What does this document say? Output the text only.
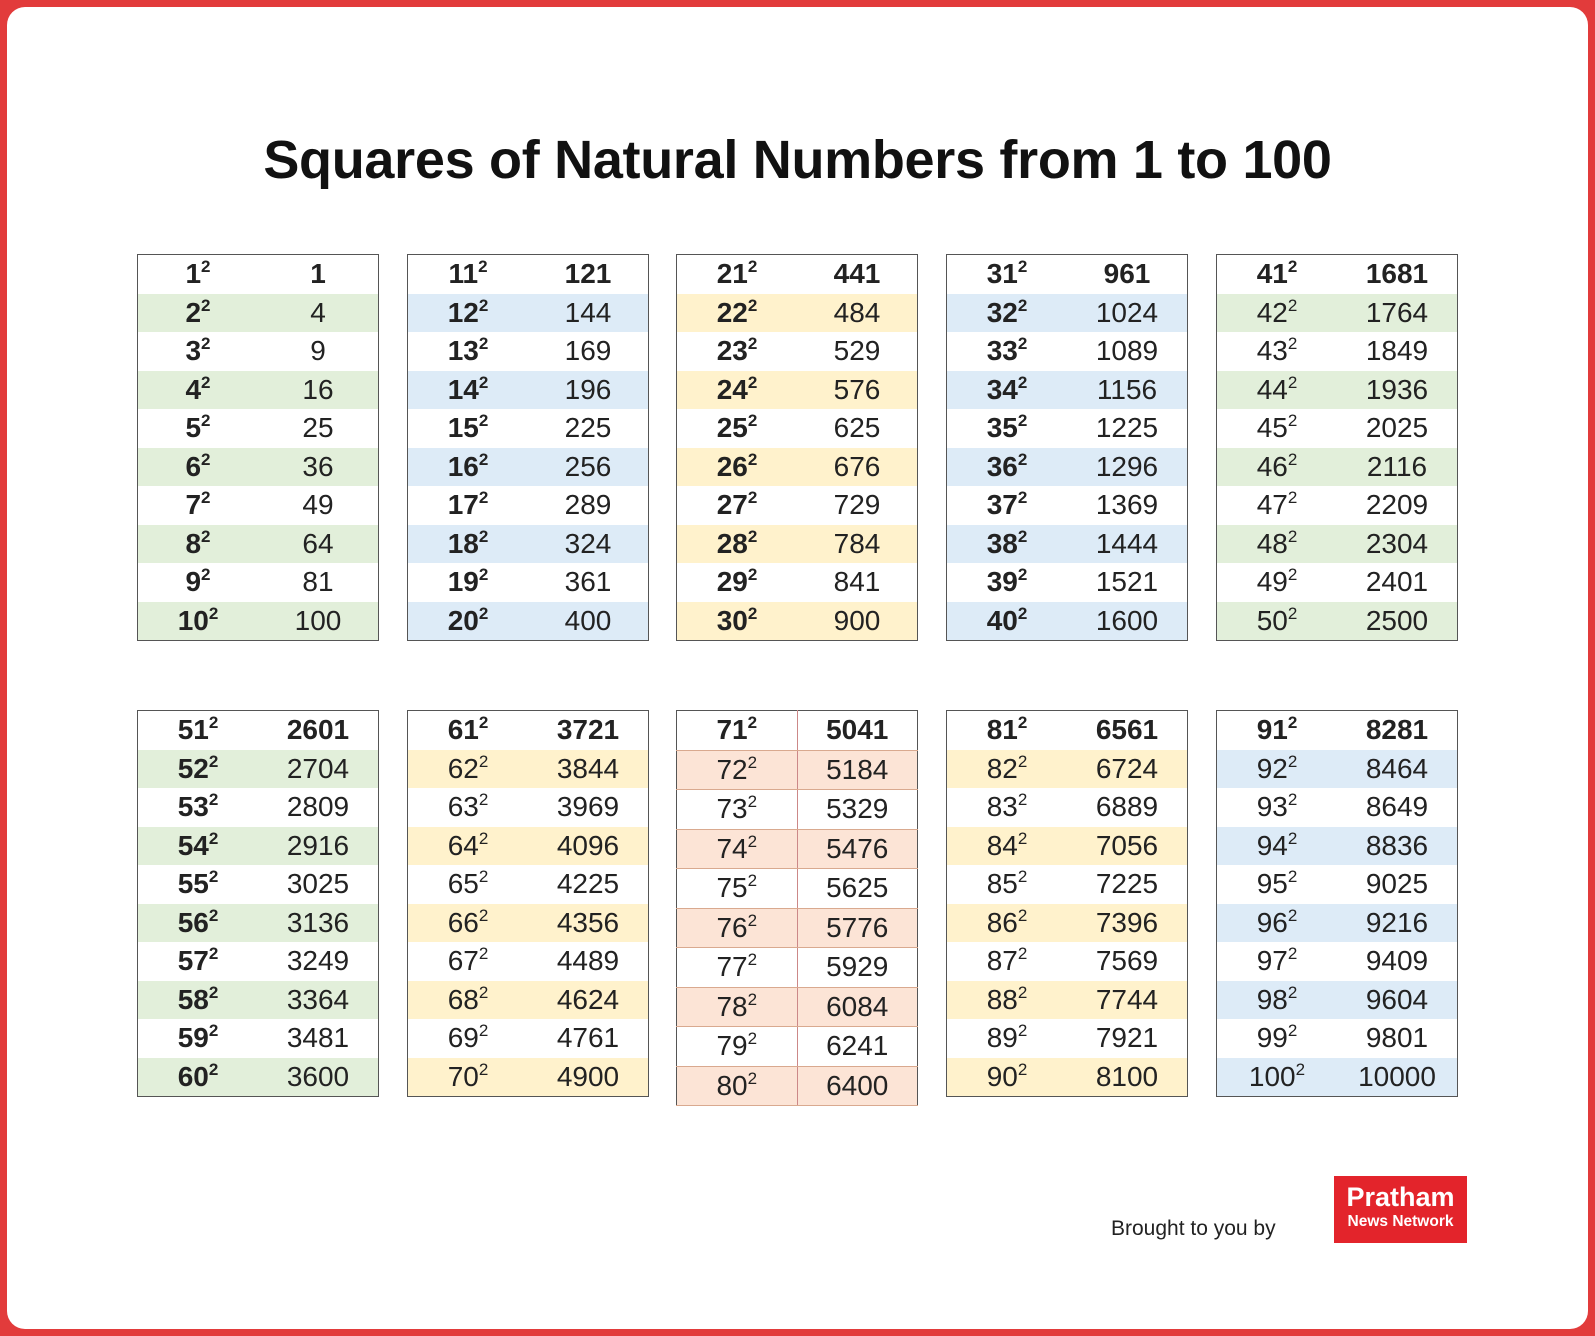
Squares of Natural Numbers from 1 to 100
$1^2$	1
$2^2$	4
$3^2$	9
$4^2$	16
$5^2$	25
$6^2$	36
$7^2$	49
$8^2$	64
$9^2$	81
$10^2$	100
$11^2$	121
$12^2$	144
$13^2$	169
$14^2$	196
$15^2$	225
$16^2$	256
$17^2$	289
$18^2$	324
$19^2$	361
$20^2$	400
$21^2$	441
$22^2$	484
$23^2$	529
$24^2$	576
$25^2$	625
$26^2$	676
$27^2$	729
$28^2$	784
$29^2$	841
$30^2$	900
$31^2$	961
$32^2$	1024
$33^2$	1089
$34^2$	1156
$35^2$	1225
$36^2$	1296
$37^2$	1369
$38^2$	1444
$39^2$	1521
$40^2$	1600
$41^2$	1681
$42^2$	1764
$43^2$	1849
$44^2$	1936
$45^2$	2025
$46^2$	2116
$47^2$	2209
$48^2$	2304
$49^2$	2401
$50^2$	2500
$51^2$	2601
$52^2$	2704
$53^2$	2809
$54^2$	2916
$55^2$	3025
$56^2$	3136
$57^2$	3249
$58^2$	3364
$59^2$	3481
$60^2$	3600
$61^2$	3721
$62^2$	3844
$63^2$	3969
$64^2$	4096
$65^2$	4225
$66^2$	4356
$67^2$	4489
$68^2$	4624
$69^2$	4761
$70^2$	4900
$71^2$	5041
$72^2$	5184
$73^2$	5329
$74^2$	5476
$75^2$	5625
$76^2$	5776
$77^2$	5929
$78^2$	6084
$79^2$	6241
$80^2$	6400
$81^2$	6561
$82^2$	6724
$83^2$	6889
$84^2$	7056
$85^2$	7225
$86^2$	7396
$87^2$	7569
$88^2$	7744
$89^2$	7921
$90^2$	8100
$91^2$	8281
$92^2$	8464
$93^2$	8649
$94^2$	8836
$95^2$	9025
$96^2$	9216
$97^2$	9409
$98^2$	9604
$99^2$	9801
$100^2$	10000
Brought to you by
Pratham
News Network
